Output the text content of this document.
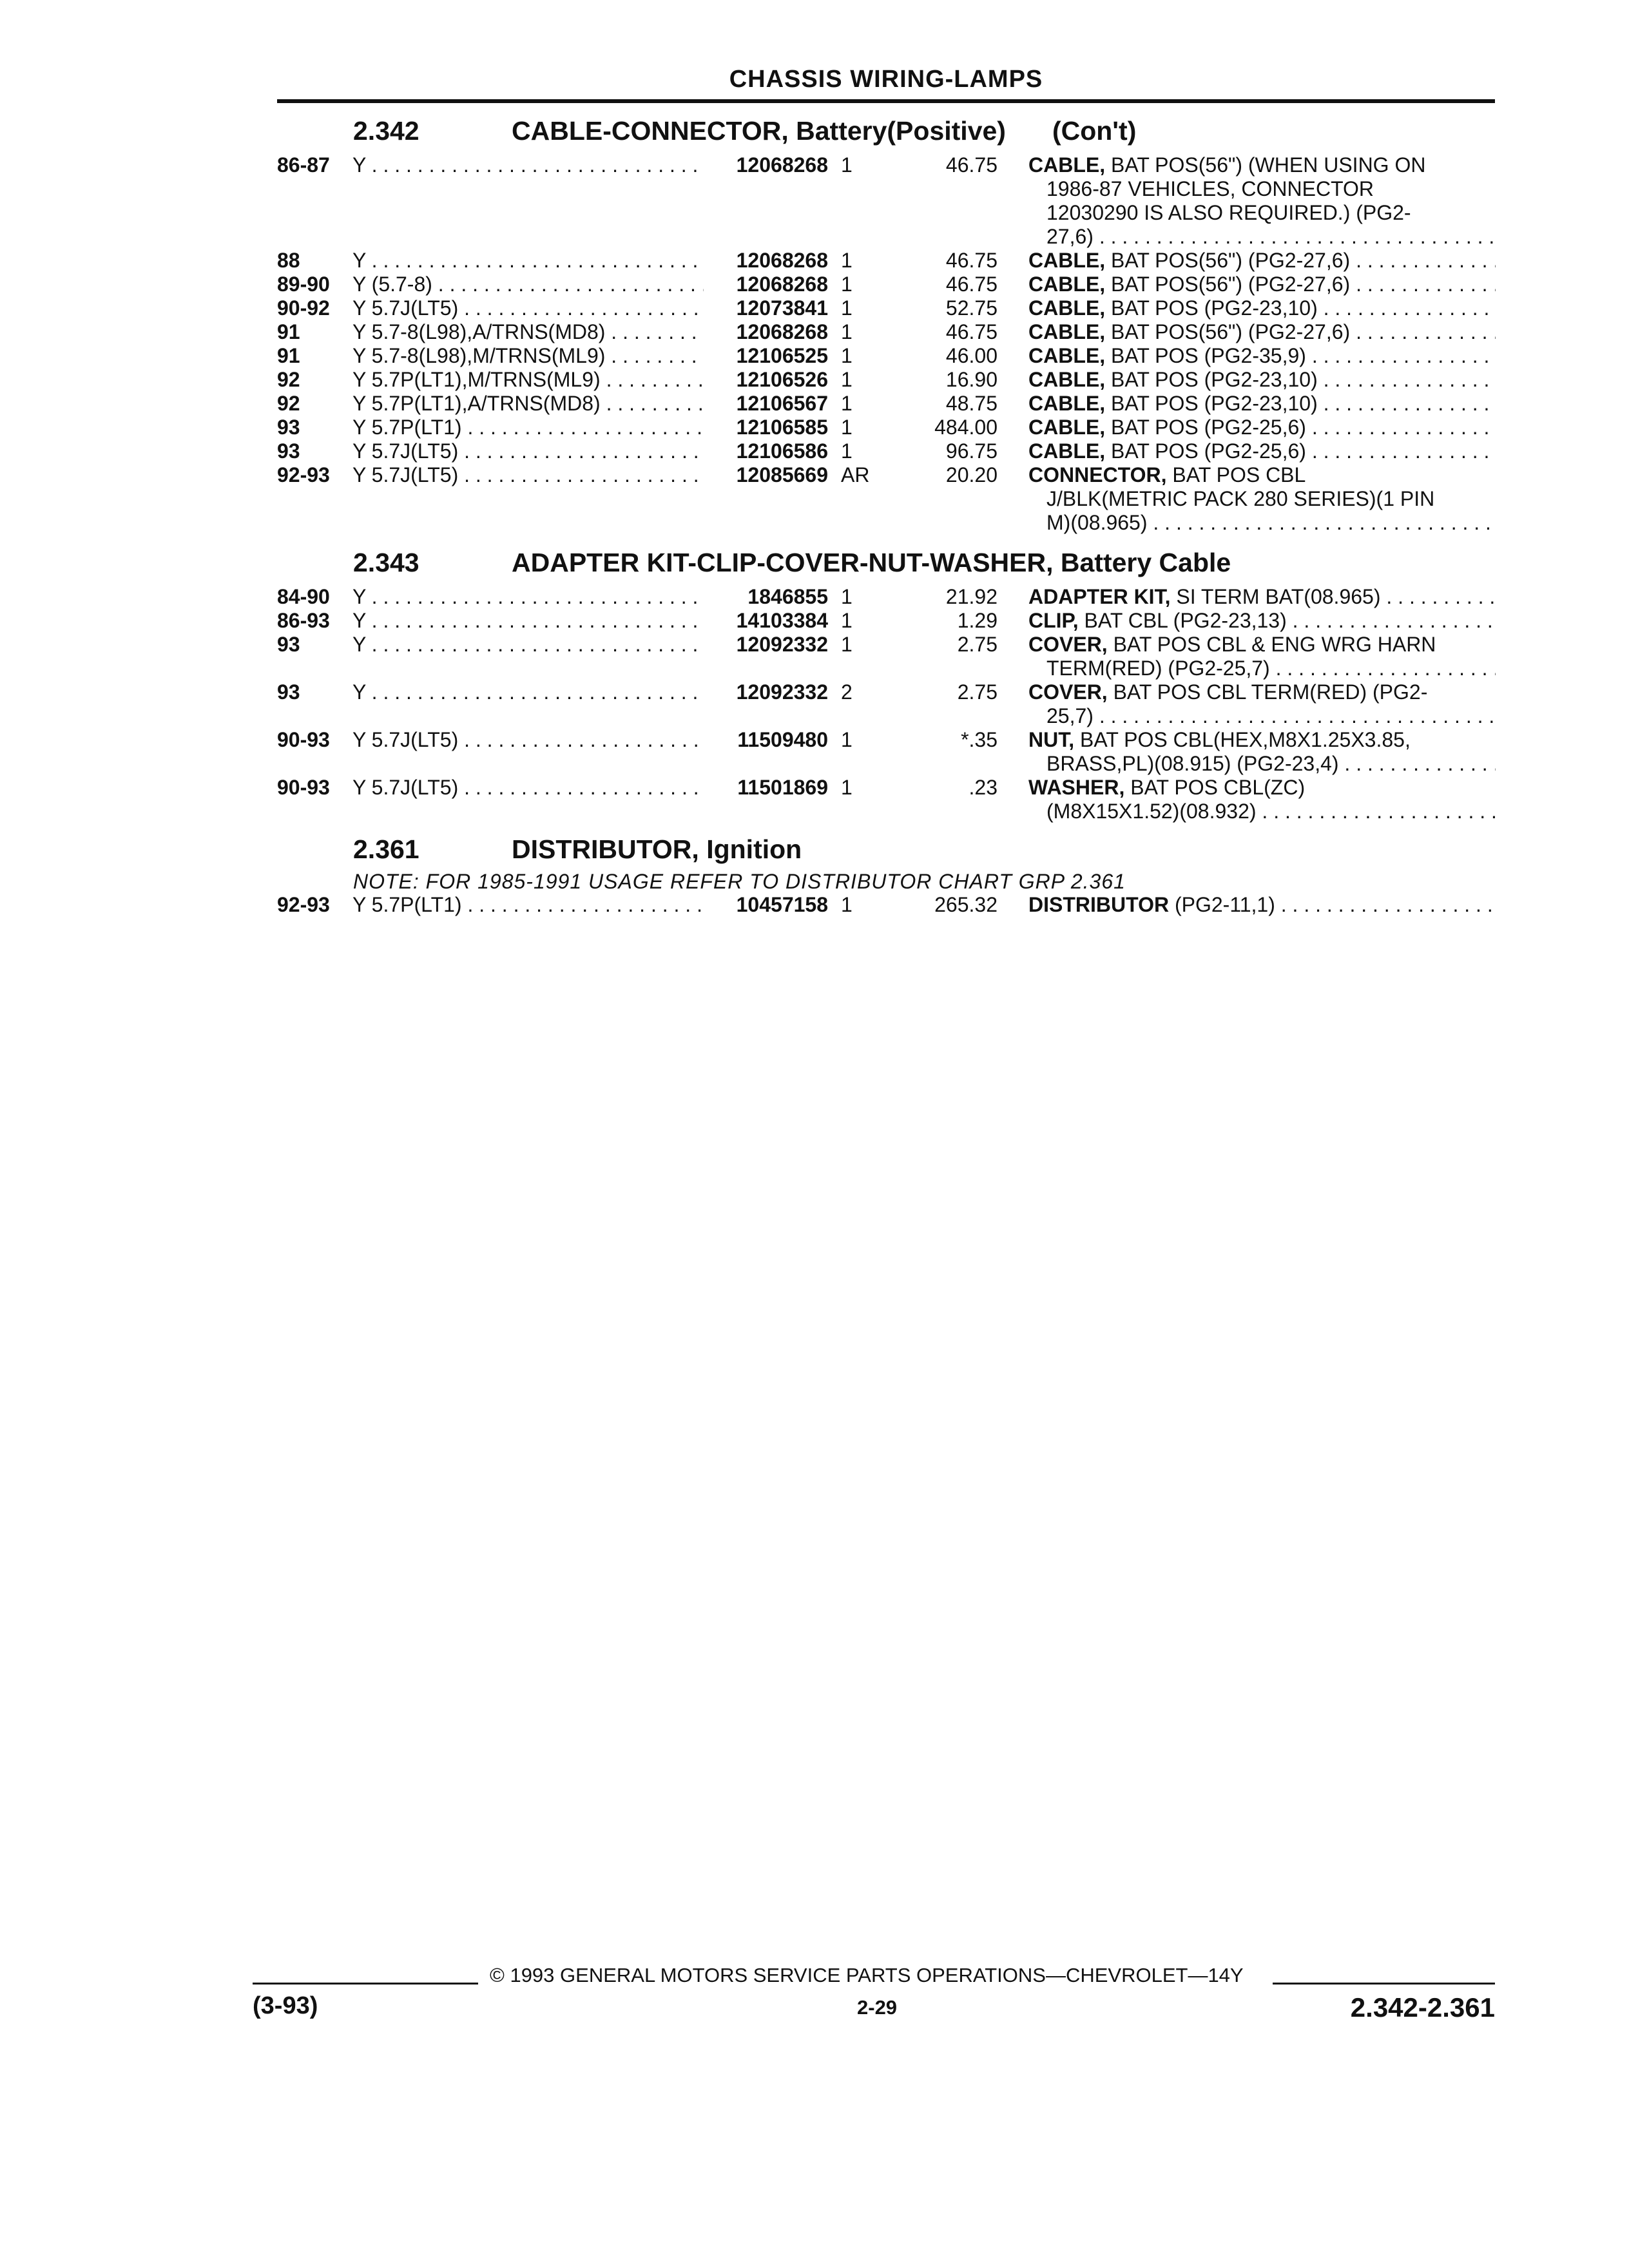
CHASSIS WIRING-LAMPS
2.342	CABLE-CONNECTOR, Battery(Positive) (Con't)
86-87 Y . . .	12068268 1	46.75 CABLE, BAT POS(56") (WHEN USING ON
1986-87 VEHICLES, CONNECTOR
12030290 IS ALSO REQUIRED.) (PG2-
27,6) . . .
88	Y . . .	12068268 1	46.75 CABLE, BAT POS(56") (PG2-27,6) . . .
89-90 Y (5.7-8) . . .	12068268 1	46.75 CABLE, BAT POS(56") (PG2-27,6) . . .
90-92 Y 5.7J(LT5) . . .	12073841 1	52.75 CABLE, BAT POS (PG2-23,10) . . .
91	Y 5.7-8(L98),A/TRNS(MD8) . . .	12068268 1	46.75 CABLE, BAT POS(56") (PG2-27,6) . . .
91	Y 5.7-8(L98),M/TRNS(ML9) . . .	12106525 1	46.00 CABLE, BAT POS (PG2-35,9) . . .
92	Y 5.7P(LT1),M/TRNS(ML9) . . .	12106526 1	16.90 CABLE, BAT POS (PG2-23,10) . . .
92	Y 5.7P(LT1),A/TRNS(MD8) . . .	12106567 1	48.75 CABLE, BAT POS (PG2-23,10) . . .
93	Y 5.7P(LT1) . . .	12106585 1	484.00 CABLE, BAT POS (PG2-25,6) . . .
93	Y 5.7J(LT5) . . .	12106586 1	96.75 CABLE, BAT POS (PG2-25,6) . . .
92-93 Y 5.7J(LT5) . . .	12085669 AR	20.20 CONNECTOR, BAT POS CBL
J/BLK(METRIC PACK 280 SERIES)(1 PIN
M)(08.965) . . .
2.343	ADAPTER KIT-CLIP-COVER-NUT-WASHER, Battery Cable
84-90 Y . . .	1846855 1	21.92 ADAPTER KIT, SI TERM BAT(08.965) . . .
86-93 Y . . .	14103384 1	1.29 CLIP, BAT CBL (PG2-23,13) . . .
93	Y . . .	12092332 1	2.75 COVER, BAT POS CBL & ENG WRG HARN
TERM(RED) (PG2-25,7) . . .
93	Y . . .	12092332 2	2.75 COVER, BAT POS CBL TERM(RED) (PG2-
25,7) . . .
90-93 Y 5.7J(LT5) . . .	11509480 1	*.35 NUT, BAT POS CBL(HEX,M8X1.25X3.85,
BRASS,PL)(08.915) (PG2-23,4) . . .
90-93 Y 5.7J(LT5) . . .	11501869 1	.23 WASHER, BAT POS CBL(ZC)
(M8X15X1.52)(08.932) . . .
2.361	DISTRIBUTOR, Ignition
NOTE: FOR 1985-1991 USAGE REFER TO DISTRIBUTOR CHART GRP 2.361
92-93 Y 5.7P(LT1) . . .	10457158 1	265.32 DISTRIBUTOR (PG2-11,1) . . .
© 1993 GENERAL MOTORS SERVICE PARTS OPERATIONS—CHEVROLET—14Y
(3-93)	2-29	2.342-2.361
